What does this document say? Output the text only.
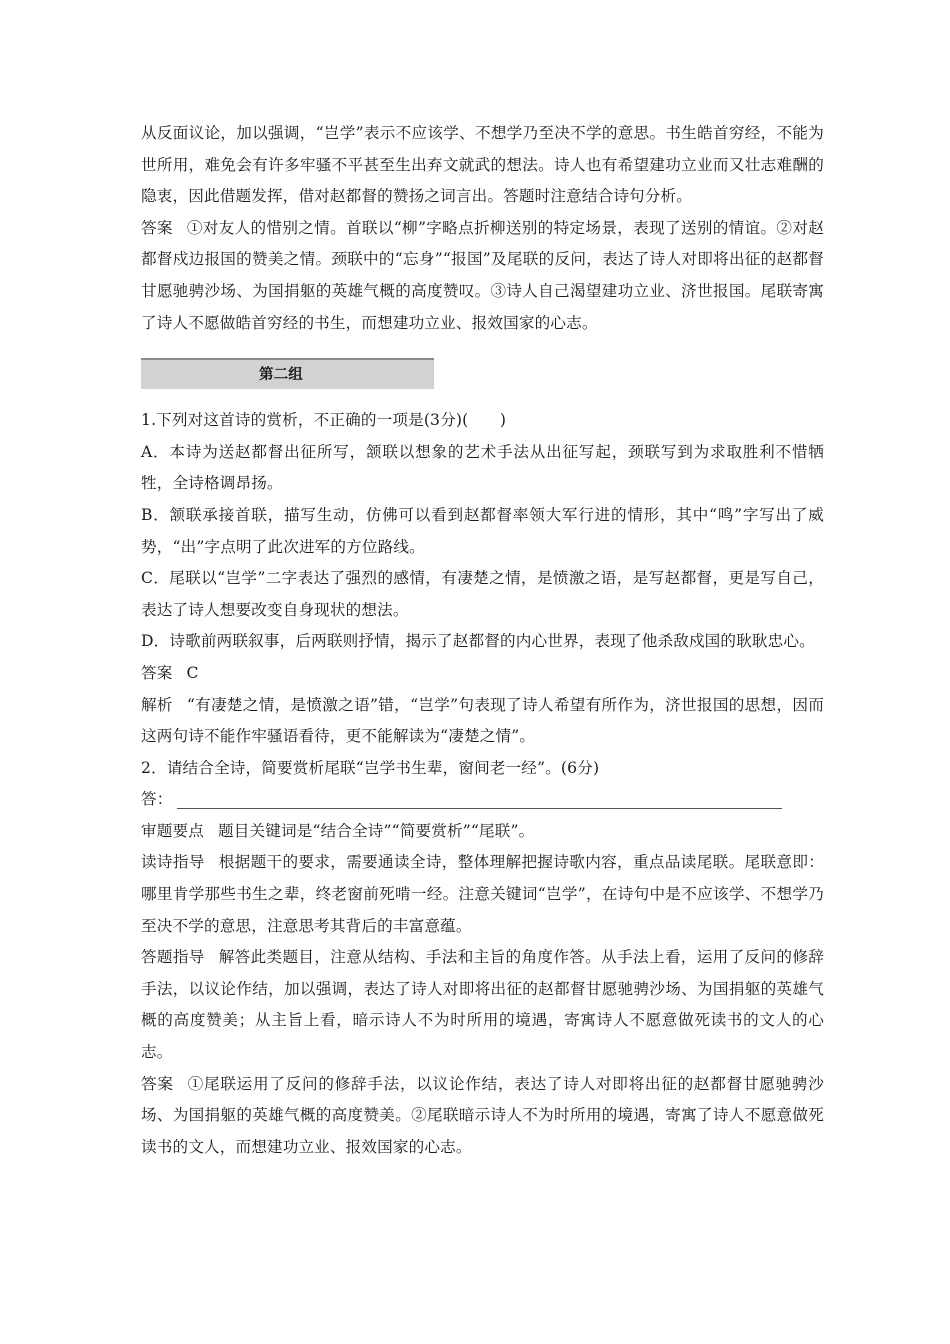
从反面议论，加以强调，“岂学”表示不应该学、不想学乃至决不学的意思。书生皓首穷经，不能为世所用，难免会有许多牢骚不平甚至生出弃文就武的想法。诗人也有希望建功立业而又壮志难酬的隐衷，因此借题发挥，借对赵都督的赞扬之词言出。答题时注意结合诗句分析。

答案 ①对友人的惜别之情。首联以“柳”字略点折柳送别的特定场景，表现了送别的情谊。②对赵都督戍边报国的赞美之情。颈联中的“忘身”“报国”及尾联的反问，表达了诗人对即将出征的赵都督甘愿驰骋沙场、为国捐躯的英雄气概的高度赞叹。③诗人自己渴望建功立业、济世报国。尾联寄寓了诗人不愿做皓首穷经的书生，而想建功立业、报效国家的心志。

第二组

1.下列对这首诗的赏析，不正确的一项是(3分)(　　)

A．本诗为送赵都督出征所写，颔联以想象的艺术手法从出征写起，颈联写到为求取胜利不惜牺牲，全诗格调昂扬。

B．颔联承接首联，描写生动，仿佛可以看到赵都督率领大军行进的情形，其中“鸣”字写出了威势，“出”字点明了此次进军的方位路线。

C．尾联以“岂学”二字表达了强烈的感情，有凄楚之情，是愤激之语，是写赵都督，更是写自己，表达了诗人想要改变自身现状的想法。

D．诗歌前两联叙事，后两联则抒情，揭示了赵都督的内心世界，表现了他杀敌戍国的耿耿忠心。

答案 C

解析 “有凄楚之情，是愤激之语”错，“岂学”句表现了诗人希望有所作为，济世报国的思想，因而这两句诗不能作牢骚语看待，更不能解读为“凄楚之情”。

2．请结合全诗，简要赏析尾联“岂学书生辈，窗间老一经”。(6分)

答：

审题要点 题目关键词是“结合全诗”“简要赏析”“尾联”。

读诗指导 根据题干的要求，需要通读全诗，整体理解把握诗歌内容，重点品读尾联。尾联意即：哪里肯学那些书生之辈，终老窗前死啃一经。注意关键词“岂学”，在诗句中是不应该学、不想学乃至决不学的意思，注意思考其背后的丰富意蕴。

答题指导 解答此类题目，注意从结构、手法和主旨的角度作答。从手法上看，运用了反问的修辞手法，以议论作结，加以强调，表达了诗人对即将出征的赵都督甘愿驰骋沙场、为国捐躯的英雄气概的高度赞美；从主旨上看，暗示诗人不为时所用的境遇，寄寓诗人不愿意做死读书的文人的心志。

答案 ①尾联运用了反问的修辞手法，以议论作结，表达了诗人对即将出征的赵都督甘愿驰骋沙场、为国捐躯的英雄气概的高度赞美。②尾联暗示诗人不为时所用的境遇，寄寓了诗人不愿意做死读书的文人，而想建功立业、报效国家的心志。
